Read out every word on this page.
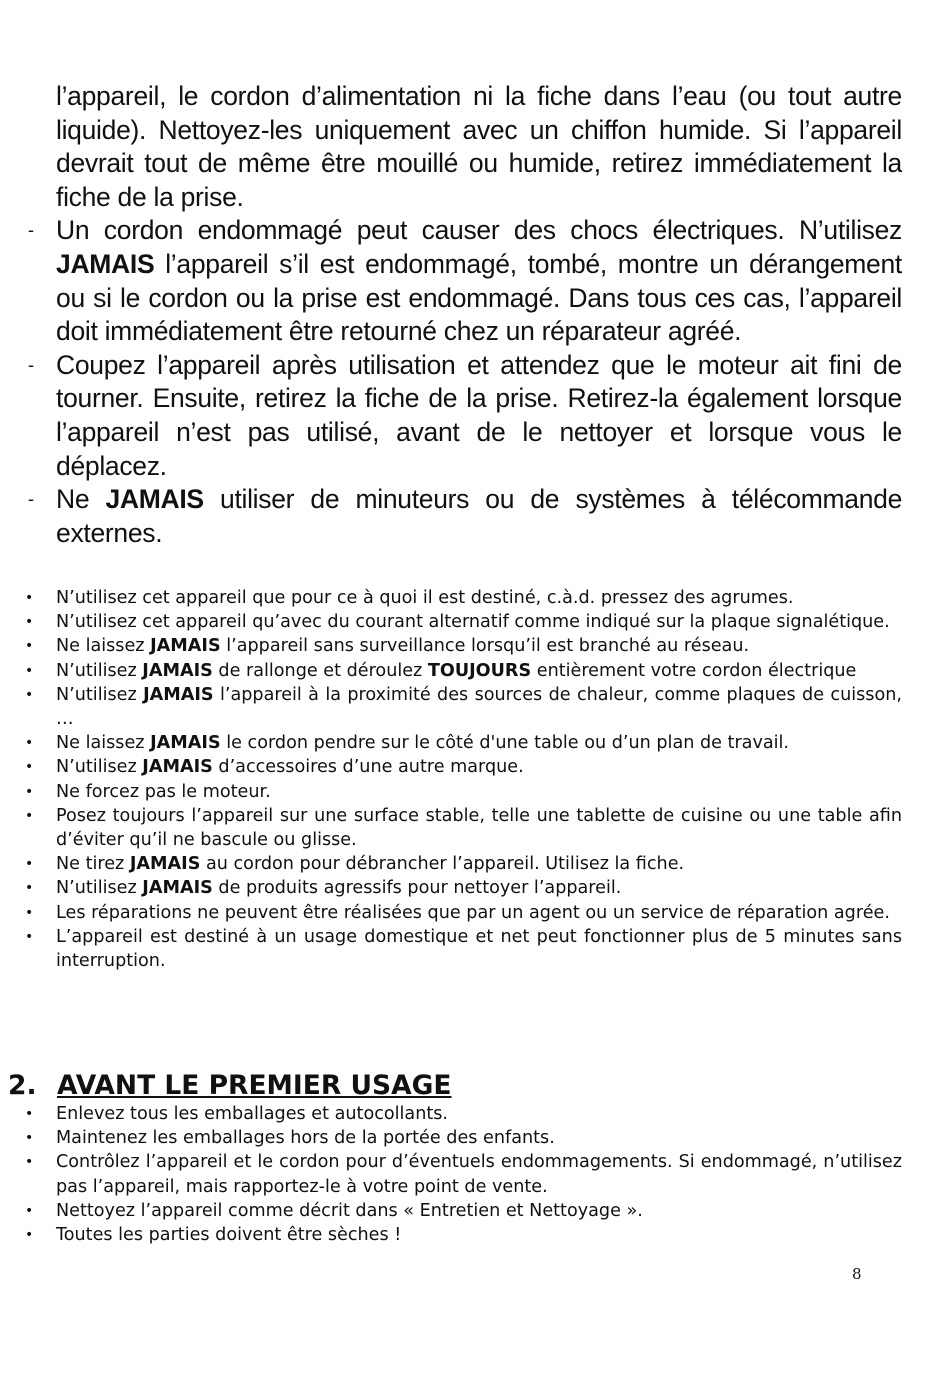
l’appareil, le cordon d’alimentation ni la fiche dans l’eau (ou tout autre liquide). Nettoyez-les uniquement avec un chiffon humide. Si l’appareil devrait tout de même être mouillé ou humide, retirez immédiatement la fiche de la prise.

- Un cordon endommagé peut causer des chocs électriques. N’utilisez JAMAIS l’appareil s’il est endommagé, tombé, montre un dérangement ou si le cordon ou la prise est endommagé. Dans tous ces cas, l’appareil doit immédiatement être retourné chez un réparateur agréé.

- Coupez l’appareil après utilisation et attendez que le moteur ait fini de tourner. Ensuite, retirez la fiche de la prise. Retirez-la également lorsque l’appareil n’est pas utilisé, avant de le nettoyer et lorsque vous le déplacez.

- Ne JAMAIS utiliser de minuteurs ou de systèmes à télécommande externes.

• N’utilisez cet appareil que pour ce à quoi il est destiné, c.à.d. pressez des agrumes.
• N’utilisez cet appareil qu’avec du courant alternatif comme indiqué sur la plaque signalétique.
• Ne laissez JAMAIS l’appareil sans surveillance lorsqu’il est branché au réseau.
• N’utilisez JAMAIS de rallonge et déroulez TOUJOURS entièrement votre cordon électrique
• N’utilisez JAMAIS l’appareil à la proximité des sources de chaleur, comme plaques de cuisson, …
• Ne laissez JAMAIS le cordon pendre sur le côté d'une table ou d’un plan de travail.
• N’utilisez JAMAIS d’accessoires d’une autre marque.
• Ne forcez pas le moteur.
• Posez toujours l’appareil sur une surface stable, telle une tablette de cuisine ou une table afin d’éviter qu’il ne bascule ou glisse.
• Ne tirez JAMAIS au cordon pour débrancher l’appareil. Utilisez la fiche.
• N’utilisez JAMAIS de produits agressifs pour nettoyer l’appareil.
• Les réparations ne peuvent être réalisées que par un agent ou un service de réparation agrée.
• L’appareil est destiné à un usage domestique et net peut fonctionner plus de 5 minutes sans interruption.
2. AVANT LE PREMIER USAGE
• Enlevez tous les emballages et autocollants.
• Maintenez les emballages hors de la portée des enfants.
• Contrôlez l’appareil et le cordon pour d’éventuels endommagements. Si endommagé, n’utilisez pas l’appareil, mais rapportez-le à votre point de vente.
• Nettoyez l’appareil comme décrit dans « Entretien et Nettoyage ».
• Toutes les parties doivent être sèches !
8
